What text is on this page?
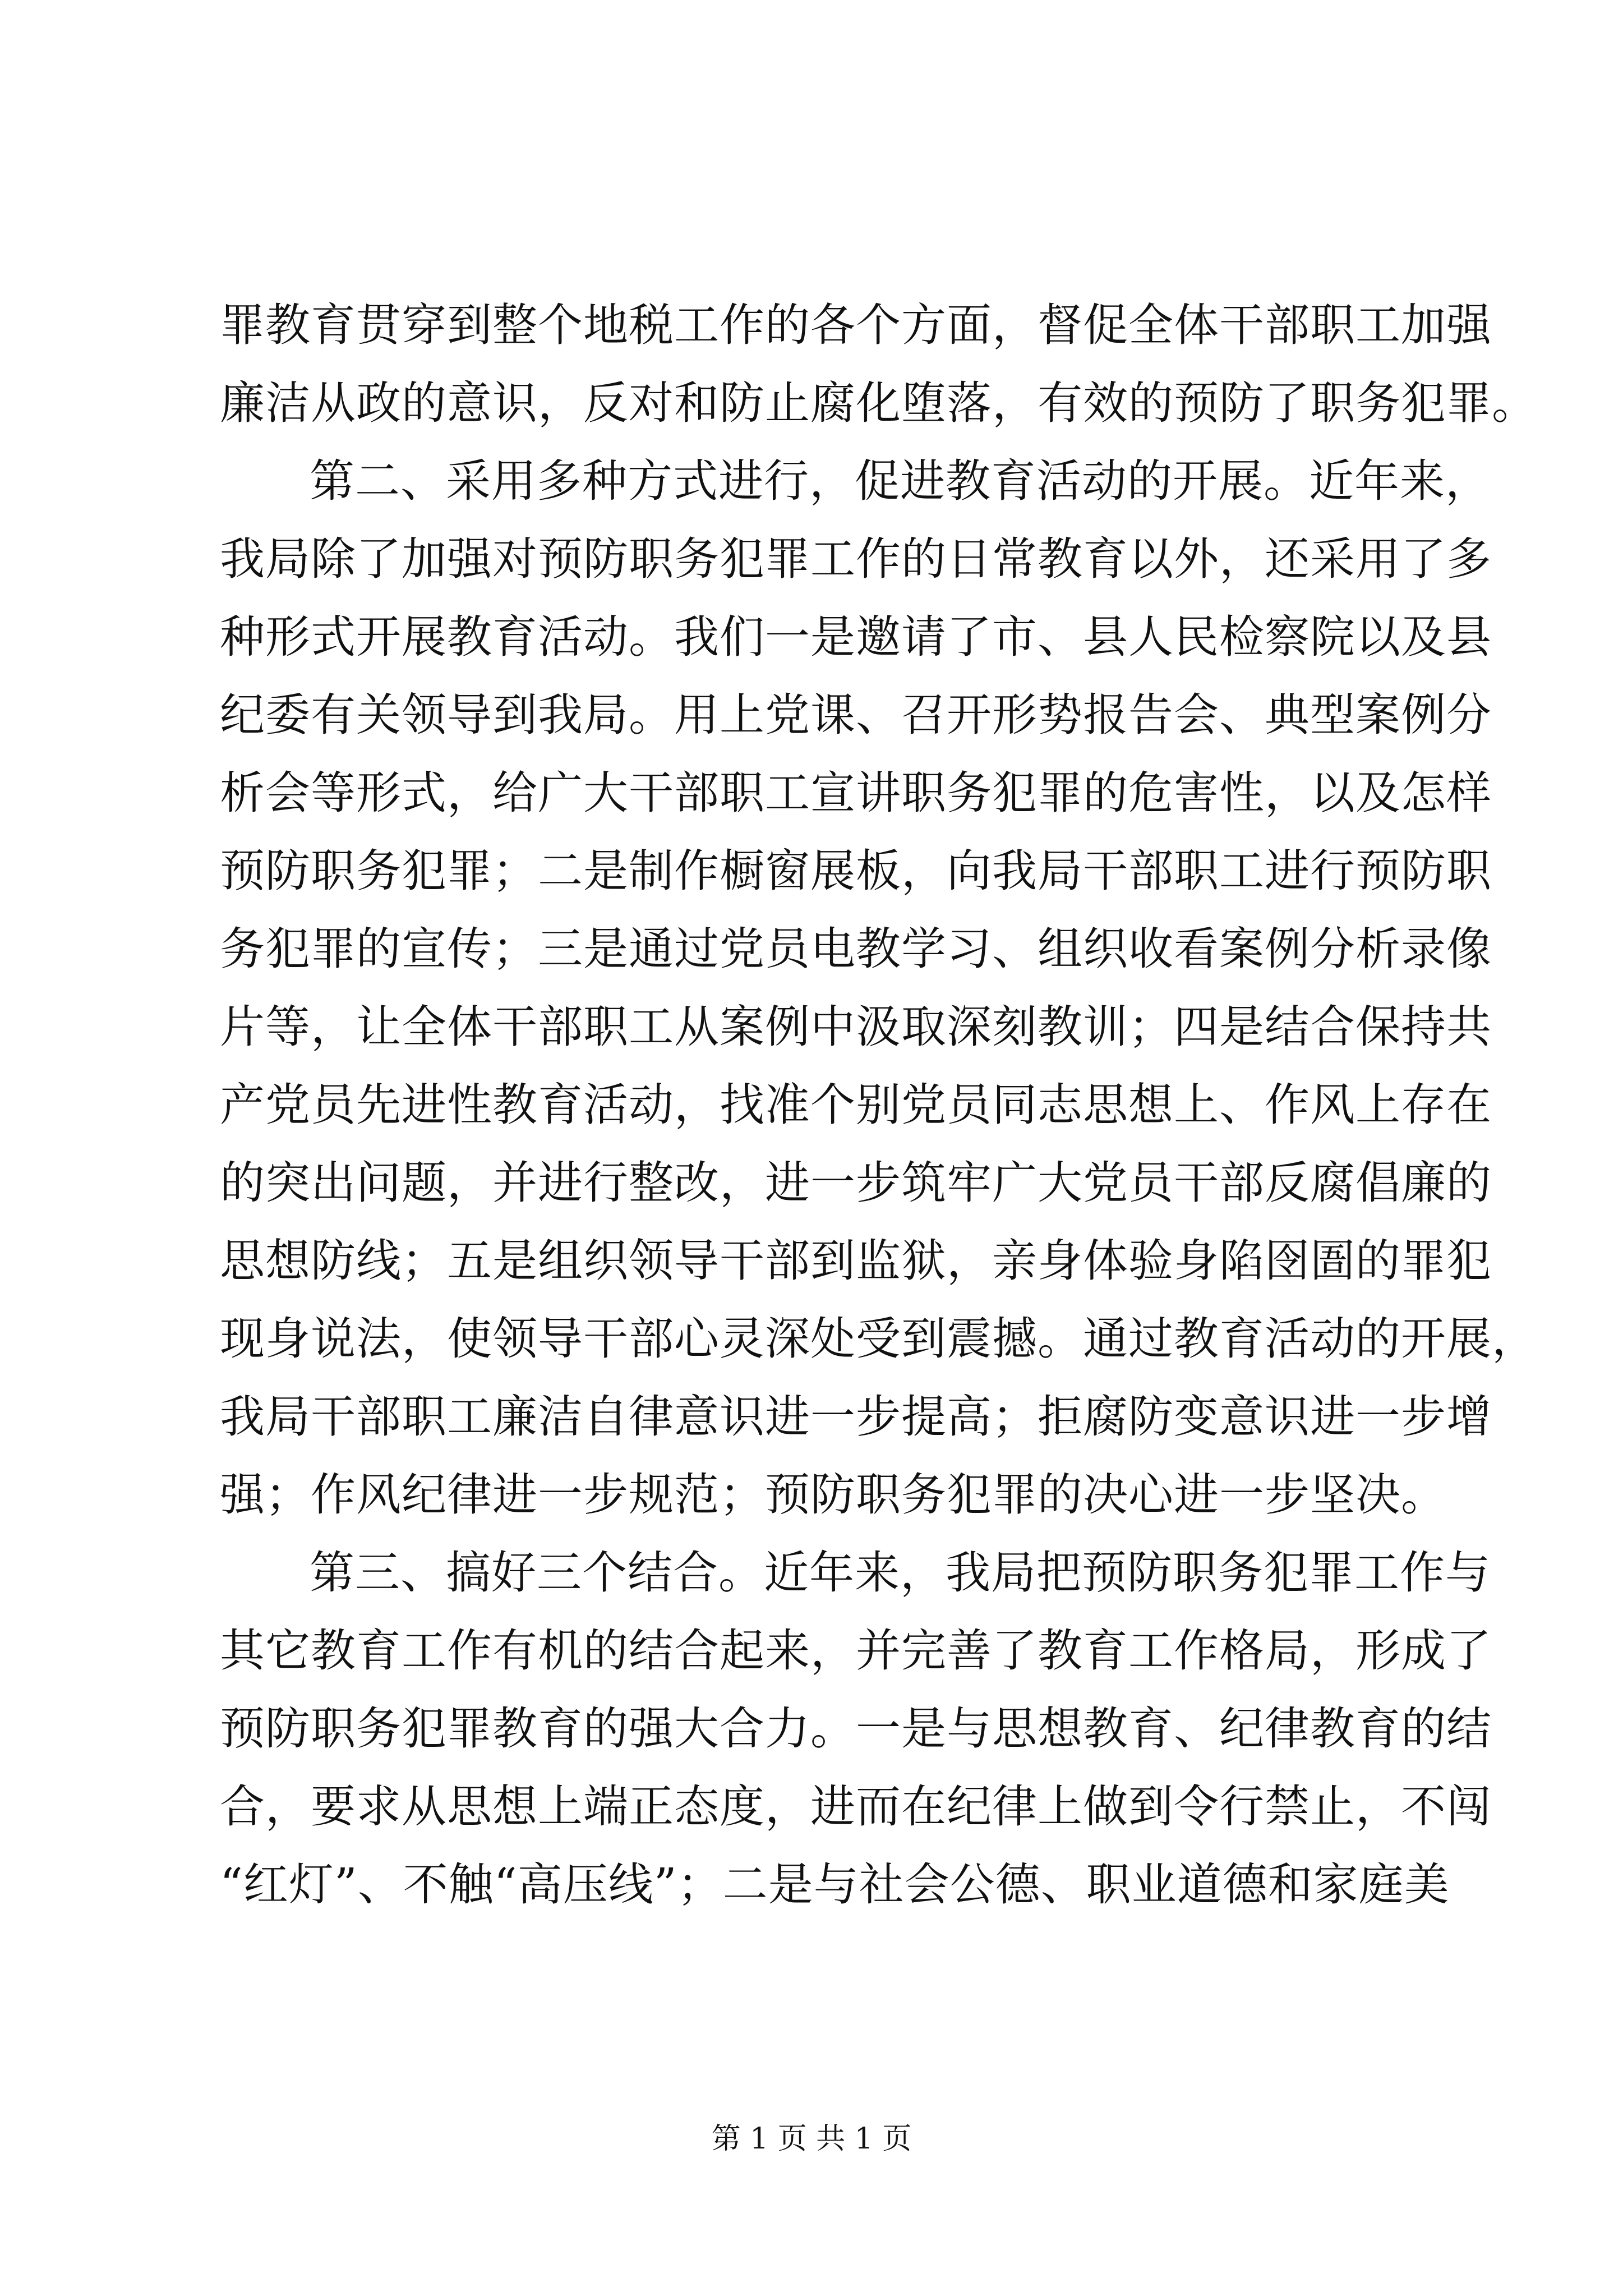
罪教育贯穿到整个地税工作的各个方面，督促全体干部职工加强
廉洁从政的意识，反对和防止腐化堕落，有效的预防了职务犯罪。
第二、采用多种方式进行，促进教育活动的开展。近年来，
我局除了加强对预防职务犯罪工作的日常教育以外，还采用了多
种形式开展教育活动。我们一是邀请了市、县人民检察院以及县
纪委有关领导到我局。用上党课、召开形势报告会、典型案例分
析会等形式，给广大干部职工宣讲职务犯罪的危害性，以及怎样
预防职务犯罪；二是制作橱窗展板，向我局干部职工进行预防职
务犯罪的宣传；三是通过党员电教学习、组织收看案例分析录像
片等，让全体干部职工从案例中汲取深刻教训；四是结合保持共
产党员先进性教育活动，找准个别党员同志思想上、作风上存在
的突出问题，并进行整改，进一步筑牢广大党员干部反腐倡廉的
思想防线；五是组织领导干部到监狱，亲身体验身陷囹圄的罪犯
现身说法，使领导干部心灵深处受到震撼。通过教育活动的开展，
我局干部职工廉洁自律意识进一步提高；拒腐防变意识进一步增
强；作风纪律进一步规范；预防职务犯罪的决心进一步坚决。
第三、搞好三个结合。近年来，我局把预防职务犯罪工作与
其它教育工作有机的结合起来，并完善了教育工作格局，形成了
预防职务犯罪教育的强大合力。一是与思想教育、纪律教育的结
合，要求从思想上端正态度，进而在纪律上做到令行禁止，不闯
“红灯”、不触“高压线”；二是与社会公德、职业道德和家庭美
第 1 页 共 1 页
